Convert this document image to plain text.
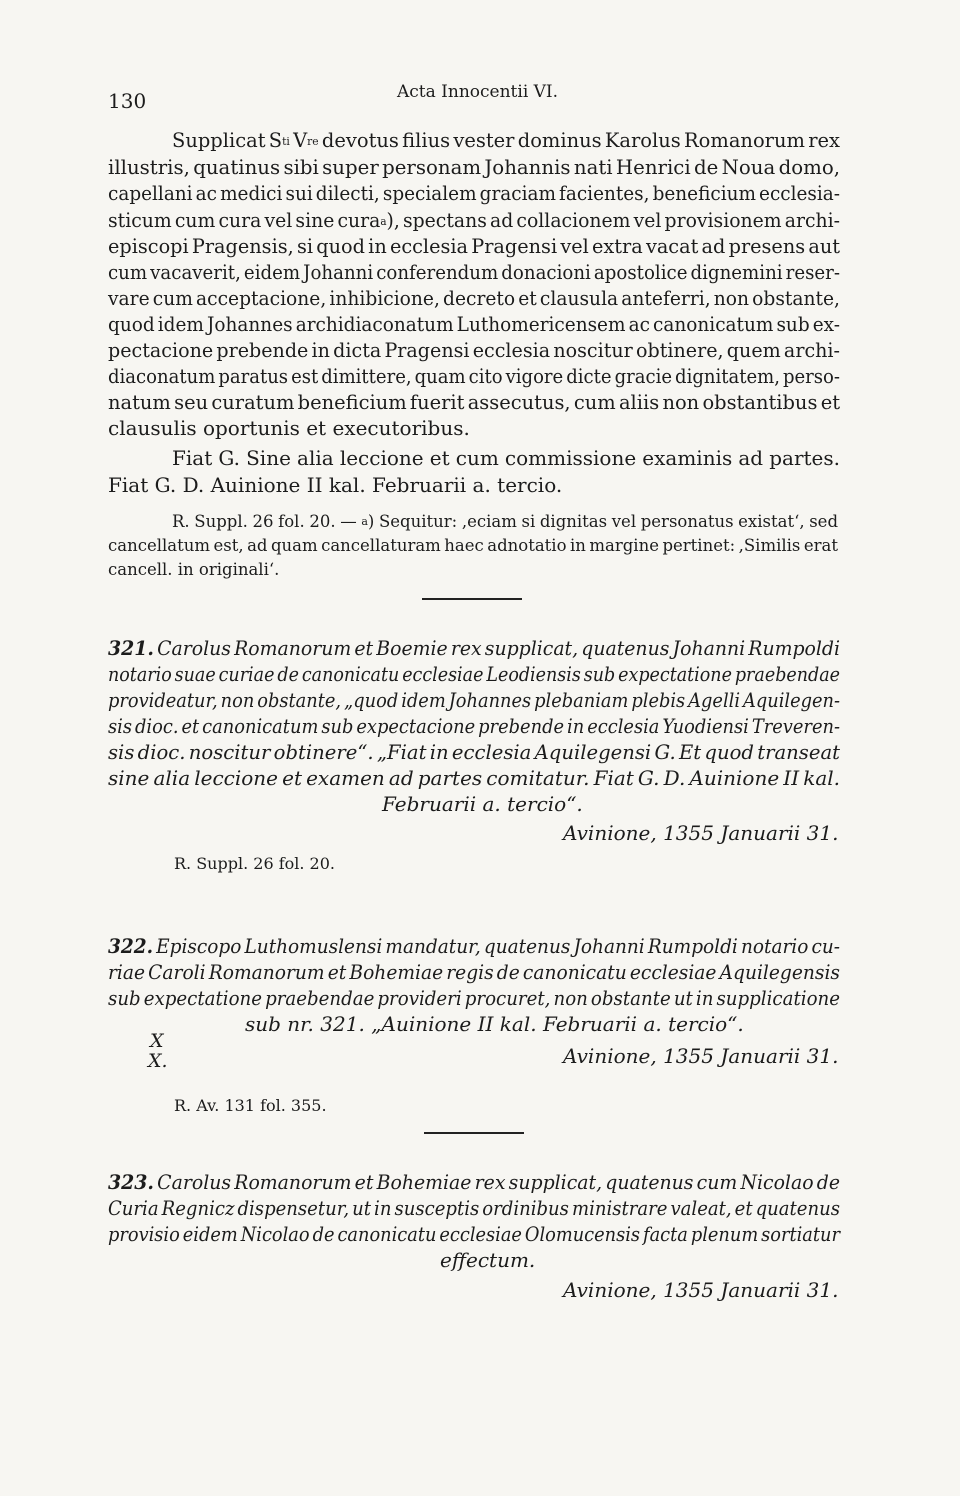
130	Acta Innocentii VI.
Supplicat $S^{ti}$ Vre devotus filius vester dominus Karolus Romanorum rex
illustris, quatinus sibi super personam Johannis nati Henrici de Noua domo,
capellani ac medici sui dilecti, specialem graciam facientes, beneficium ecclesia-
sticum cum cura vel sine cura$^a$), spectans ad collacionem vel provisionem archi-
episcopi Pragensis, si quod in ecclesia Pragensi vel extra vacat ad presens aut
cum vacaverit, eidem Johanni conferendum donacioni apostolice dignemini reser-
vare cum acceptacione, inhibicione, decreto et clausula anteferri, non obstante,
quod idem Johannes archidiaconatum Luthomericensem ac canonicatum sub ex-
pectacione prebende in dicta Pragensi ecclesia noscitur obtinere, quem archi-
diaconatum paratus est dimittere, quam cito vigore dicte gracie dignitatem, perso-
natum seu curatum beneficium fuerit assecutus, cum aliis non obstantibus et
clausulis oportunis et executoribus.
Fiat G. Sine alia leccione et cum commissione examinis ad partes.
Fiat G. D. Auinione II kal. Februarii a. tercio.
R. Suppl. 26 fol. 20. — $^a$) Sequitur: ,eciam si dignitas vel personatus existat‘, sed
cancellatum est, ad quam cancellaturam haec adnotatio in margine pertinet: ,Similis erat
cancell. in originali‘.
321. Carolus Romanorum et Boemie rex supplicat, quatenus Johanni Rumpoldi
notario suae curiae de canonicatu ecclesiae Leodiensis sub expectatione praebendae
provideatur, non obstante, „quod idem Johannes plebaniam plebis Agelli Aquilegen-
sis dioc. et canonicatum sub expectacione prebende in ecclesia Yuodiensi Treveren-
sis dioc. noscitur obtinere“. „Fiat in ecclesia Aquilegensi G. Et quod transeat
sine alia leccione et examen ad partes comitatur. Fiat G. D. Auinione II kal.
Februarii a. tercio“.
Avinione, 1355 Januarii 31.
R. Suppl. 26 fol. 20.
322. Episcopo Luthomuslensi mandatur, quatenus Johanni Rumpoldi notario cu-
riae Caroli Romanorum et Bohemiae regis de canonicatu ecclesiae Aquilegensis
sub expectatione praebendae provideri procuret, non obstante ut in supplicatione
sub nr. 321. „Auinione II kal. Februarii a. tercio“.
X
X.	Avinione, 1355 Januarii 31.
R. Av. 131 fol. 355.
323. Carolus Romanorum et Bohemiae rex supplicat, quatenus cum Nicolao de
Curia Regnicz dispensetur, ut in susceptis ordinibus ministrare valeat, et quatenus
provisio eidem Nicolao de canonicatu ecclesiae Olomucensis facta plenum sortiatur
effectum.
Avinione, 1355 Januarii 31.
